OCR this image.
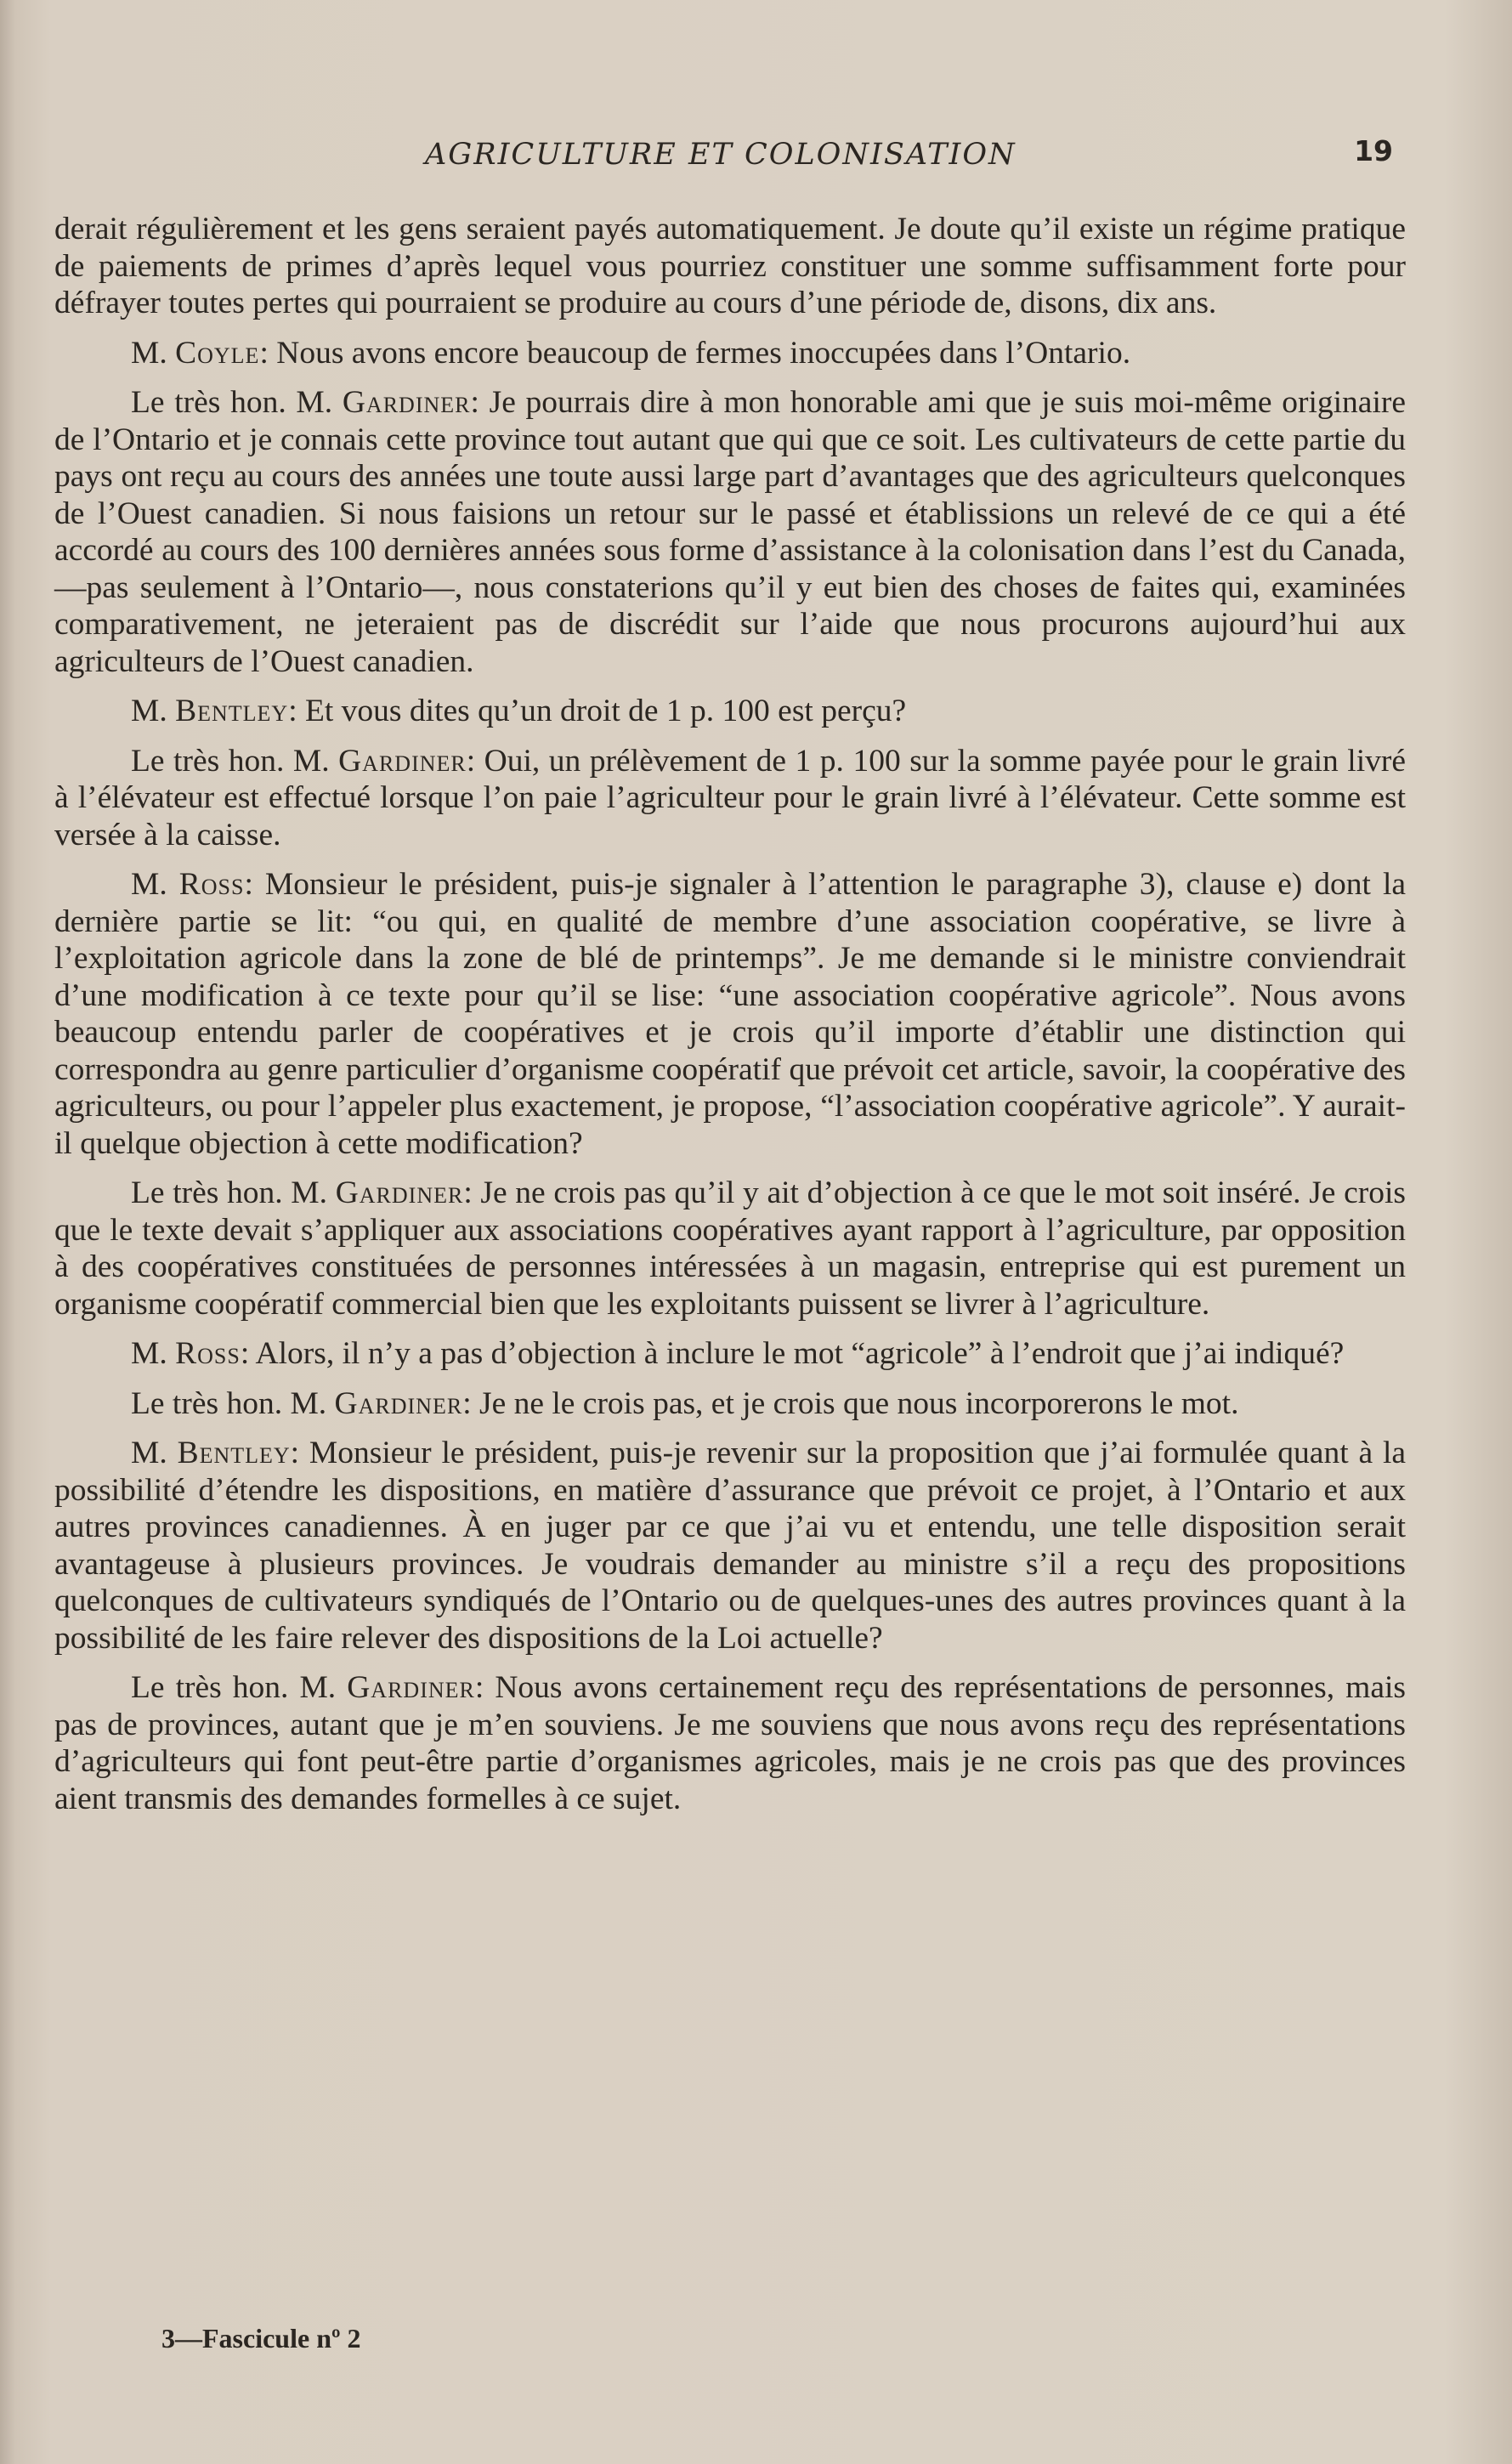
AGRICULTURE ET COLONISATION	19

derait régulièrement et les gens seraient payés automatiquement. Je doute qu’il existe un régime pratique de paiements de primes d’après lequel vous pourriez constituer une somme suffisamment forte pour défrayer toutes pertes qui pourraient se produire au cours d’une période de, disons, dix ans.

M. Coyle: Nous avons encore beaucoup de fermes inoccupées dans l’Ontario.

Le très hon. M. Gardiner: Je pourrais dire à mon honorable ami que je suis moi-même originaire de l’Ontario et je connais cette province tout autant que qui que ce soit. Les cultivateurs de cette partie du pays ont reçu au cours des années une toute aussi large part d’avantages que des agriculteurs quelconques de l’Ouest canadien. Si nous faisions un retour sur le passé et établissions un relevé de ce qui a été accordé au cours des 100 dernières années sous forme d’assistance à la colonisation dans l’est du Canada,—pas seulement à l’Ontario—, nous constaterions qu’il y eut bien des choses de faites qui, examinées comparativement, ne jeteraient pas de discrédit sur l’aide que nous procurons aujourd’hui aux agriculteurs de l’Ouest canadien.

M. Bentley: Et vous dites qu’un droit de 1 p. 100 est perçu?

Le très hon. M. Gardiner: Oui, un prélèvement de 1 p. 100 sur la somme payée pour le grain livré à l’élévateur est effectué lorsque l’on paie l’agriculteur pour le grain livré à l’élévateur. Cette somme est versée à la caisse.

M. Ross: Monsieur le président, puis-je signaler à l’attention le paragraphe 3), clause e) dont la dernière partie se lit: “ou qui, en qualité de membre d’une association coopérative, se livre à l’exploitation agricole dans la zone de blé de printemps”. Je me demande si le ministre conviendrait d’une modification à ce texte pour qu’il se lise: “une association coopérative agricole”. Nous avons beaucoup entendu parler de coopératives et je crois qu’il importe d’établir une distinction qui correspondra au genre particulier d’organisme coopératif que prévoit cet article, savoir, la coopérative des agriculteurs, ou pour l’appeler plus exactement, je propose, “l’association coopérative agricole”. Y aurait-il quelque objection à cette modification?

Le très hon. M. Gardiner: Je ne crois pas qu’il y ait d’objection à ce que le mot soit inséré. Je crois que le texte devait s’appliquer aux associations coopératives ayant rapport à l’agriculture, par opposition à des coopératives constituées de personnes intéressées à un magasin, entreprise qui est purement un organisme coopératif commercial bien que les exploitants puissent se livrer à l’agriculture.

M. Ross: Alors, il n’y a pas d’objection à inclure le mot “agricole” à l’endroit que j’ai indiqué?

Le très hon. M. Gardiner: Je ne le crois pas, et je crois que nous incorporerons le mot.

M. Bentley: Monsieur le président, puis-je revenir sur la proposition que j’ai formulée quant à la possibilité d’étendre les dispositions, en matière d’assurance que prévoit ce projet, à l’Ontario et aux autres provinces canadiennes. À en juger par ce que j’ai vu et entendu, une telle disposition serait avantageuse à plusieurs provinces. Je voudrais demander au ministre s’il a reçu des propositions quelconques de cultivateurs syndiqués de l’Ontario ou de quelques-unes des autres provinces quant à la possibilité de les faire relever des dispositions de la Loi actuelle?

Le très hon. M. Gardiner: Nous avons certainement reçu des représentations de personnes, mais pas de provinces, autant que je m’en souviens. Je me souviens que nous avons reçu des représentations d’agriculteurs qui font peut-être partie d’organismes agricoles, mais je ne crois pas que des provinces aient transmis des demandes formelles à ce sujet.

3—Fascicule nº 2
